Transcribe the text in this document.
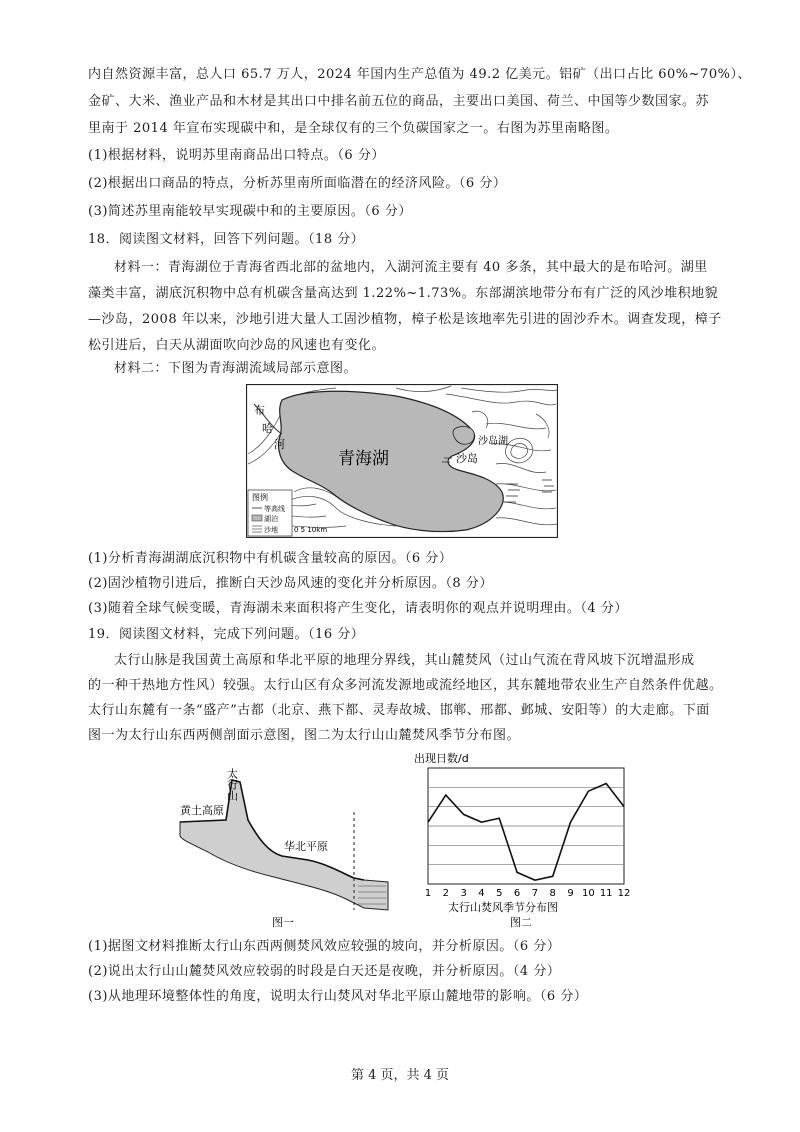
内自然资源丰富，总人口 65.7 万人，2024 年国内生产总值为 49.2 亿美元。铝矿（出口占比 60%~70%）、
金矿、大米、渔业产品和木材是其出口中排名前五位的商品，主要出口美国、荷兰、中国等少数国家。苏
里南于 2014 年宣布实现碳中和，是全球仅有的三个负碳国家之一。右图为苏里南略图。
(1)根据材料，说明苏里南商品出口特点。（6 分）
(2)根据出口商品的特点，分析苏里南所面临潜在的经济风险。（6 分）
(3)简述苏里南能较早实现碳中和的主要原因。（6 分）
18．阅读图文材料，回答下列问题。（18 分）
材料一：青海湖位于青海省西北部的盆地内，入湖河流主要有 40 多条，其中最大的是布哈河。湖里
藻类丰富，湖底沉积物中总有机碳含量高达到 1.22%~1.73%。东部湖滨地带分布有广泛的风沙堆积地貌
—沙岛，2008 年以来，沙地引进大量人工固沙植物，樟子松是该地率先引进的固沙乔木。调查发现，樟子
松引进后，白天从湖面吹向沙岛的风速也有变化。
材料二：下图为青海湖流域局部示意图。
布
哈
河
青海湖	沙岛
沙岛湖
图例
等高线
湖泊
沙地 0 5 10km
(1)分析青海湖湖底沉积物中有机碳含量较高的原因。（6 分）
(2)固沙植物引进后，推断白天沙岛风速的变化并分析原因。（8 分）
(3)随着全球气候变暖，青海湖未来面积将产生变化，请表明你的观点并说明理由。（4 分）
19．阅读图文材料，完成下列问题。（16 分）
太行山脉是我国黄土高原和华北平原的地理分界线，其山麓焚风（过山气流在背风坡下沉增温形成
的一种干热地方性风）较强。太行山区有众多河流发源地或流经地区，其东麓地带农业生产自然条件优越。
太行山东麓有一条“盛产”古都（北京、燕下都、灵寿故城、邯郸、邢都、邺城、安阳等）的大走廊。下面
图一为太行山东西两侧剖面示意图，图二为太行山山麓焚风季节分布图。
太行山
黄土高原
华北平原
图一
出现日数/d
1 2 3 4 5 6 7 8 9 10 11 12
太行山焚风季节分布图
图二
(1)据图文材料推断太行山东西两侧焚风效应较强的坡向，并分析原因。（6 分）
(2)说出太行山山麓焚风效应较弱的时段是白天还是夜晚，并分析原因。（4 分）
(3)从地理环境整体性的角度，说明太行山焚风对华北平原山麓地带的影响。（6 分）
第 4 页，共 4 页
